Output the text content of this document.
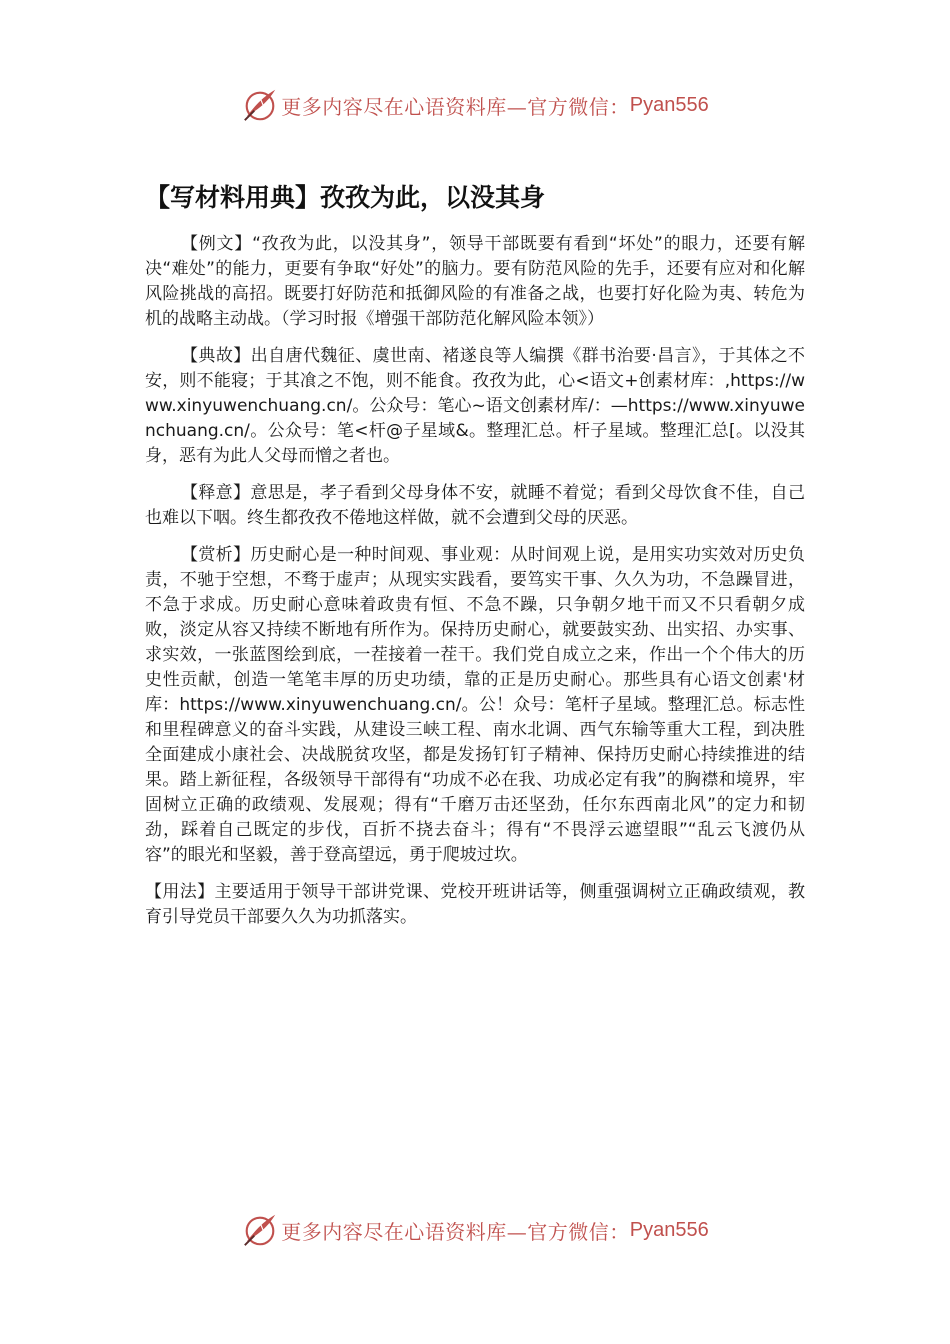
更多内容尽在心语资料库—官方微信： Pyan556
【写材料用典】孜孜为此，以没其身

【例文】“孜孜为此，以没其身”，领导干部既要有看到“坏处”的眼力，还要有解决“难处”的能力，更要有争取“好处”的脑力。要有防范风险的先手，还要有应对和化解风险挑战的高招。既要打好防范和抵御风险的有准备之战，也要打好化险为夷、转危为机的战略主动战。（学习时报《增强干部防范化解风险本领》）

【典故】出自唐代魏征、虞世南、褚遂良等人编撰《群书治要·昌言》，于其体之不安，则不能寝；于其飡之不饱，则不能食。孜孜为此，心<语文+创素材库：,https://www.xinyuwenchuang.cn/。公众号：笔心~语文创素材库/：—https://www.xinyuwenchuang.cn/。公众号：笔<杆@子星域&。整理汇总。杆子星域。整理汇总[。以没其身，恶有为此人父母而憎之者也。

【释意】意思是，孝子看到父母身体不安，就睡不着觉；看到父母饮食不佳，自己也难以下咽。终生都孜孜不倦地这样做，就不会遭到父母的厌恶。

【赏析】历史耐心是一种时间观、事业观：从时间观上说，是用实功实效对历史负责，不驰于空想，不骛于虚声；从现实实践看，要笃实干事、久久为功，不急躁冒进，不急于求成。历史耐心意味着政贵有恒、不急不躁，只争朝夕地干而又不只看朝夕成败，淡定从容又持续不断地有所作为。保持历史耐心，就要鼓实劲、出实招、办实事、求实效，一张蓝图绘到底，一茬接着一茬干。我们党自成立之来，作出一个个伟大的历史性贡献，创造一笔笔丰厚的历史功绩，靠的正是历史耐心。那些具有心语文创素'材库：https://www.xinyuwenchuang.cn/。公！众号：笔杆子星域。整理汇总。标志性和里程碑意义的奋斗实践，从建设三峡工程、南水北调、西气东输等重大工程，到决胜全面建成小康社会、决战脱贫攻坚，都是发扬钉钉子精神、保持历史耐心持续推进的结果。踏上新征程，各级领导干部得有“功成不必在我、功成必定有我”的胸襟和境界，牢固树立正确的政绩观、发展观；得有“千磨万击还坚劲，任尔东西南北风”的定力和韧劲，踩着自己既定的步伐，百折不挠去奋斗；得有“不畏浮云遮望眼”“乱云飞渡仍从容”的眼光和坚毅，善于登高望远，勇于爬坡过坎。

【用法】主要适用于领导干部讲党课、党校开班讲话等，侧重强调树立正确政绩观，教育引导党员干部要久久为功抓落实。

更多内容尽在心语资料库—官方微信： Pyan556
